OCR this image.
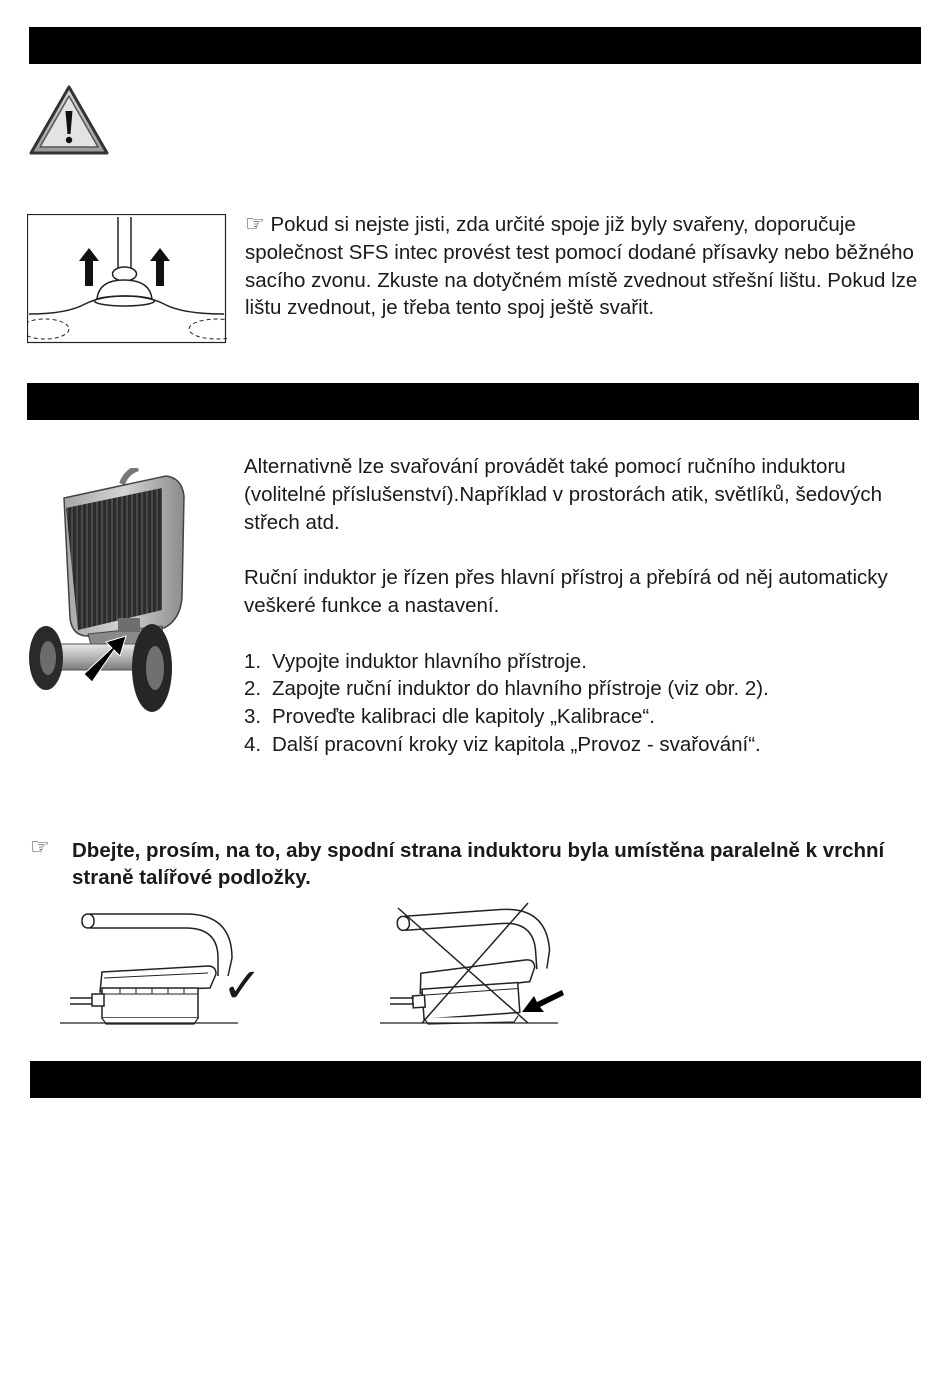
☞ Pokud si nejste jisti, zda určité spoje již byly svařeny, doporučuje společnost SFS intec provést test pomocí dodané přísavky nebo běžného sacího zvonu. Zkuste na dotyčném místě zvednout střešní lištu. Pokud lze lištu zvednout, je třeba tento spoj ještě svařit.

Alternativně lze svařování provádět také pomocí ručního induktoru (volitelné příslušenství).Například v prostorách atik, světlíků, šedových střech atd.

Ruční induktor je řízen přes hlavní přístroj a přebírá od něj automaticky veškeré funkce a nastavení.

1. Vypojte induktor hlavního přístroje.
2. Zapojte ruční induktor do hlavního přístroje (viz obr. 2).
3. Proveďte kalibraci dle kapitoly „Kalibrace“.
4. Další pracovní kroky viz kapitola „Provoz - svařování“.
☞ Dbejte, prosím, na to, aby spodní strana induktoru byla umístěna paralelně k vrchní straně talířové podložky.
✓
